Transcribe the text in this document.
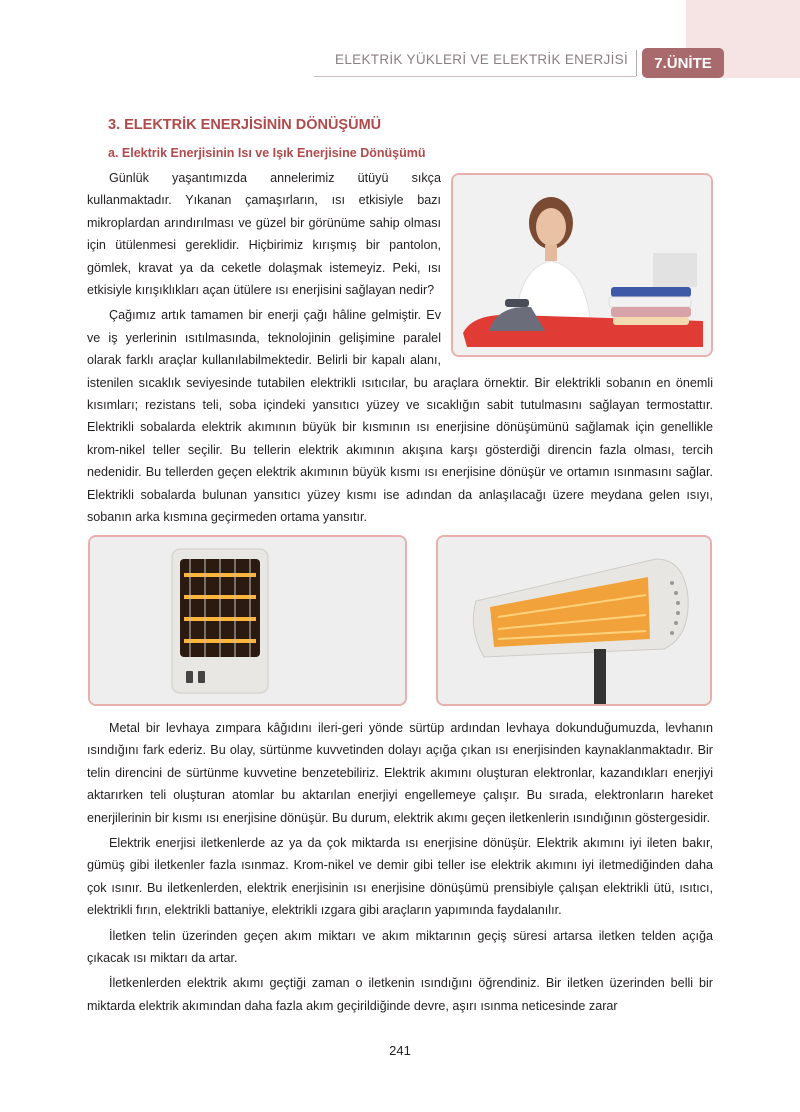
ELEKTRİK YÜKLERİ VE ELEKTRİK ENERJİSİ	7.ÜNİTE
3. ELEKTRİK ENERJİSİNİN DÖNÜŞÜMÜ
a. Elektrik Enerjisinin Isı ve Işık Enerjisine Dönüşümü

Günlük yaşantımızda annelerimiz ütüyü sıkça kullanmaktadır. Yıkanan çamaşırların, ısı etkisiyle bazı mikroplardan arındırılması ve güzel bir görünüme sahip olması için ütülenmesi gereklidir. Hiçbirimiz kırışmış bir pantolon, gömlek, kravat ya da ceketle dolaşmak istemeyiz. Peki, ısı etkisiyle kırışıklıkları açan ütülere ısı enerjisini sağlayan nedir?

Çağımız artık tamamen bir enerji çağı hâline gelmiştir. Ev ve iş yerlerinin ısıtılmasında, teknolojinin gelişimine paralel olarak farklı araçlar kullanılabilmektedir. Belirli bir kapalı alanı, istenilen sıcaklık seviyesinde tutabilen elektrikli ısıtıcılar, bu araçlara örnektir. Bir elektrikli sobanın en önemli kısımları; rezistans teli, soba içindeki yansıtıcı yüzey ve sıcaklığın sabit tutulmasını sağlayan termostattır. Elektrikli sobalarda elektrik akımının büyük bir kısmının ısı enerjisine dönüşümünü sağlamak için genellikle krom-nikel teller seçilir. Bu tellerin elektrik akımının akışına karşı gösterdiği direncin fazla olması, tercih nedenidir. Bu tellerden geçen elektrik akımının büyük kısmı ısı enerjisine dönüşür ve ortamın ısınmasını sağlar. Elektrikli sobalarda bulunan yansıtıcı yüzey kısmı ise adından da anlaşılacağı üzere meydana gelen ısıyı, sobanın arka kısmına geçirmeden ortama yansıtır.

Metal bir levhaya zımpara kâğıdını ileri-geri yönde sürtüp ardından levhaya dokunduğumuzda, levhanın ısındığını fark ederiz. Bu olay, sürtünme kuvvetinden dolayı açığa çıkan ısı enerjisinden kaynaklanmaktadır. Bir telin direncini de sürtünme kuvvetine benzetebiliriz. Elektrik akımını oluşturan elektronlar, kazandıkları enerjiyi aktarırken teli oluşturan atomlar bu aktarılan enerjiyi engellemeye çalışır. Bu sırada, elektronların hareket enerjilerinin bir kısmı ısı enerjisine dönüşür. Bu durum, elektrik akımı geçen iletkenlerin ısındığının göstergesidir.

Elektrik enerjisi iletkenlerde az ya da çok miktarda ısı enerjisine dönüşür. Elektrik akımını iyi ileten bakır, gümüş gibi iletkenler fazla ısınmaz. Krom-nikel ve demir gibi teller ise elektrik akımını iyi iletmediğinden daha çok ısınır. Bu iletkenlerden, elektrik enerjisinin ısı enerjisine dönüşümü prensibiyle çalışan elektrikli ütü, ısıtıcı, elektrikli fırın, elektrikli battaniye, elektrikli ızgara gibi araçların yapımında faydalanılır.

İletken telin üzerinden geçen akım miktarı ve akım miktarının geçiş süresi artarsa iletken telden açığa çıkacak ısı miktarı da artar.

İletkenlerden elektrik akımı geçtiği zaman o iletkenin ısındığını öğrendiniz. Bir iletken üzerinden belli bir miktarda elektrik akımından daha fazla akım geçirildiğinde devre, aşırı ısınma neticesinde zarar

241
